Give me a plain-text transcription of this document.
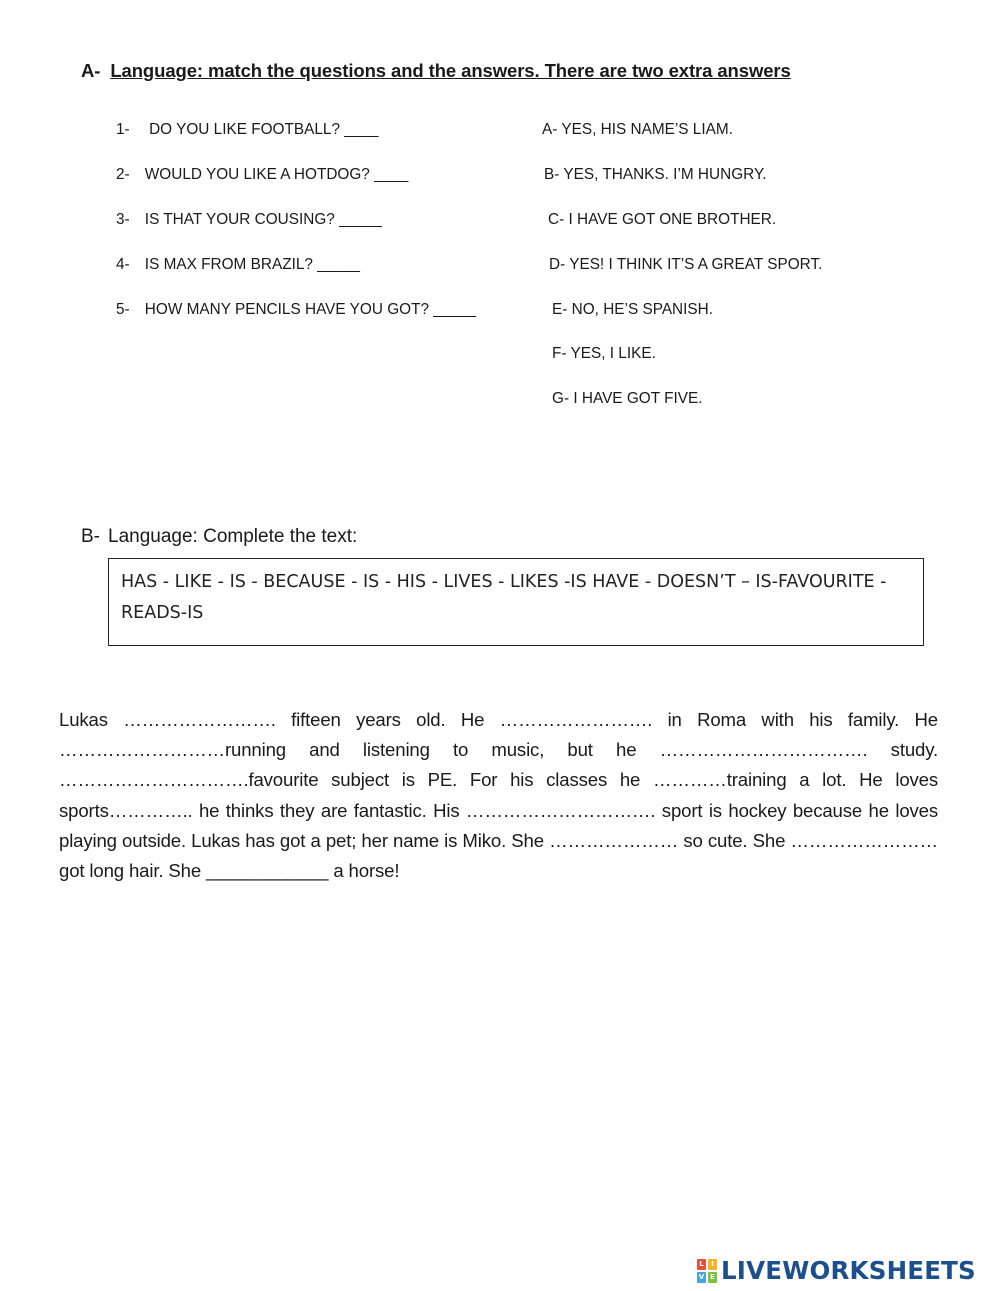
A- Language: match the questions and the answers. There are two extra answers
1- DO YOU LIKE FOOTBALL? ____
2- WOULD YOU LIKE A HOTDOG? ____
3- IS THAT YOUR COUSING? _____
4- IS MAX FROM BRAZIL? _____
5- HOW MANY PENCILS HAVE YOU GOT? _____
A- YES, HIS NAME’S LIAM.
B- YES, THANKS. I’M HUNGRY.
C- I HAVE GOT ONE BROTHER.
D- YES! I THINK IT’S A GREAT SPORT.
E- NO, HE’S SPANISH.
F- YES, I LIKE.
G- I HAVE GOT FIVE.
B- Language: Complete the text:
HAS - LIKE - IS - BECAUSE - IS - HIS - LIVES - LIKES -IS HAVE - DOESN’T – IS-FAVOURITE - READS-IS

Lukas ……………………. fifteen years old. He ……………………. in Roma with his family. He ………………………running and listening to music, but he ……………………………. study. ………………………….favourite subject is PE. For his classes he …………training a lot. He loves sports………….. he thinks they are fantastic. His …………………………. sport is hockey because he loves playing outside. Lukas has got a pet; her name is Miko. She ………………… so cute. She …………………… got long hair. She ____________ a horse!

L	I
V E LIVEWORKSHEETS
